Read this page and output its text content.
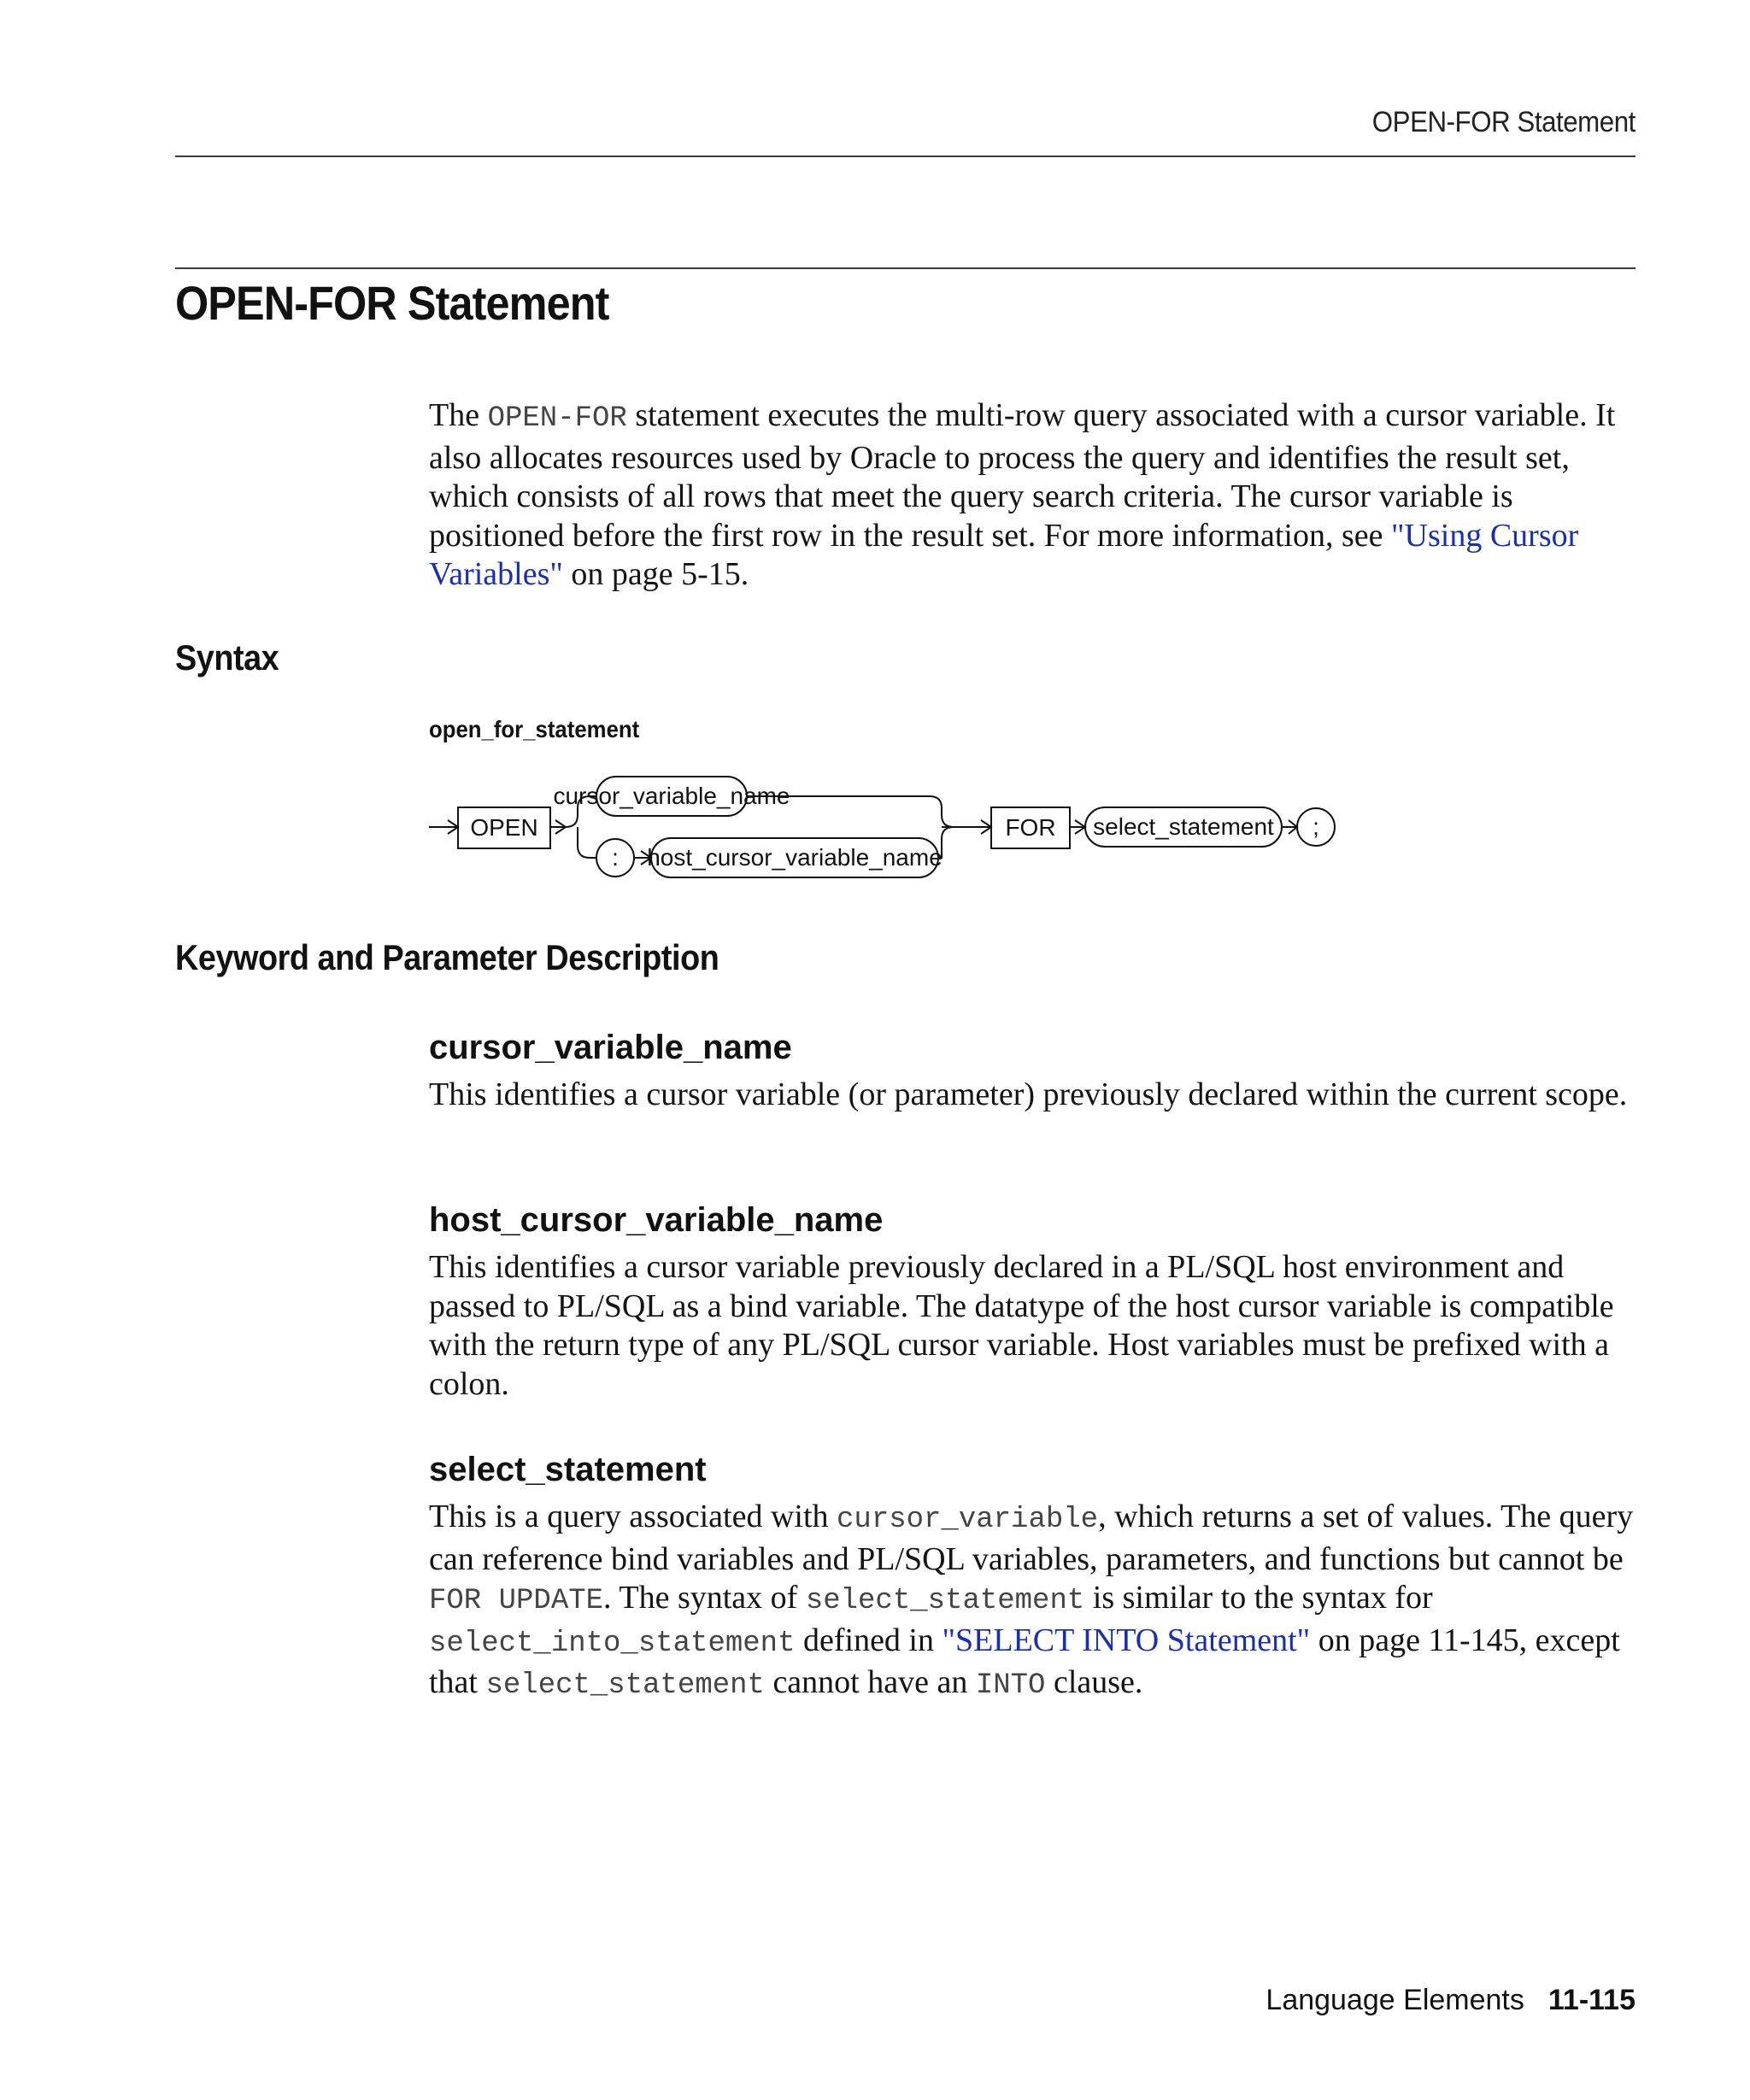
OPEN-FOR Statement
OPEN-FOR Statement

The OPEN-FOR statement executes the multi-row query associated with a cursor variable. It also allocates resources used by Oracle to process the query and identifies the result set, which consists of all rows that meet the query search criteria. The cursor variable is positioned before the first row in the result set. For more information, see "Using Cursor Variables" on page 5-15.

Syntax
open_for_statement
OPEN
cursor_variable_name
: host_cursor_variable_name
FOR select_statement ;
Keyword and Parameter Description
cursor_variable_name

This identifies a cursor variable (or parameter) previously declared within the current scope.

host_cursor_variable_name

This identifies a cursor variable previously declared in a PL/SQL host environment and passed to PL/SQL as a bind variable. The datatype of the host cursor variable is compatible with the return type of any PL/SQL cursor variable. Host variables must be prefixed with a colon.

select_statement

This is a query associated with cursor_variable, which returns a set of values. The query can reference bind variables and PL/SQL variables, parameters, and functions but cannot be FOR UPDATE. The syntax of select_statement is similar to the syntax for select_into_statement defined in "SELECT INTO Statement" on page 11-145, except that select_statement cannot have an INTO clause.

Language Elements 11-115
